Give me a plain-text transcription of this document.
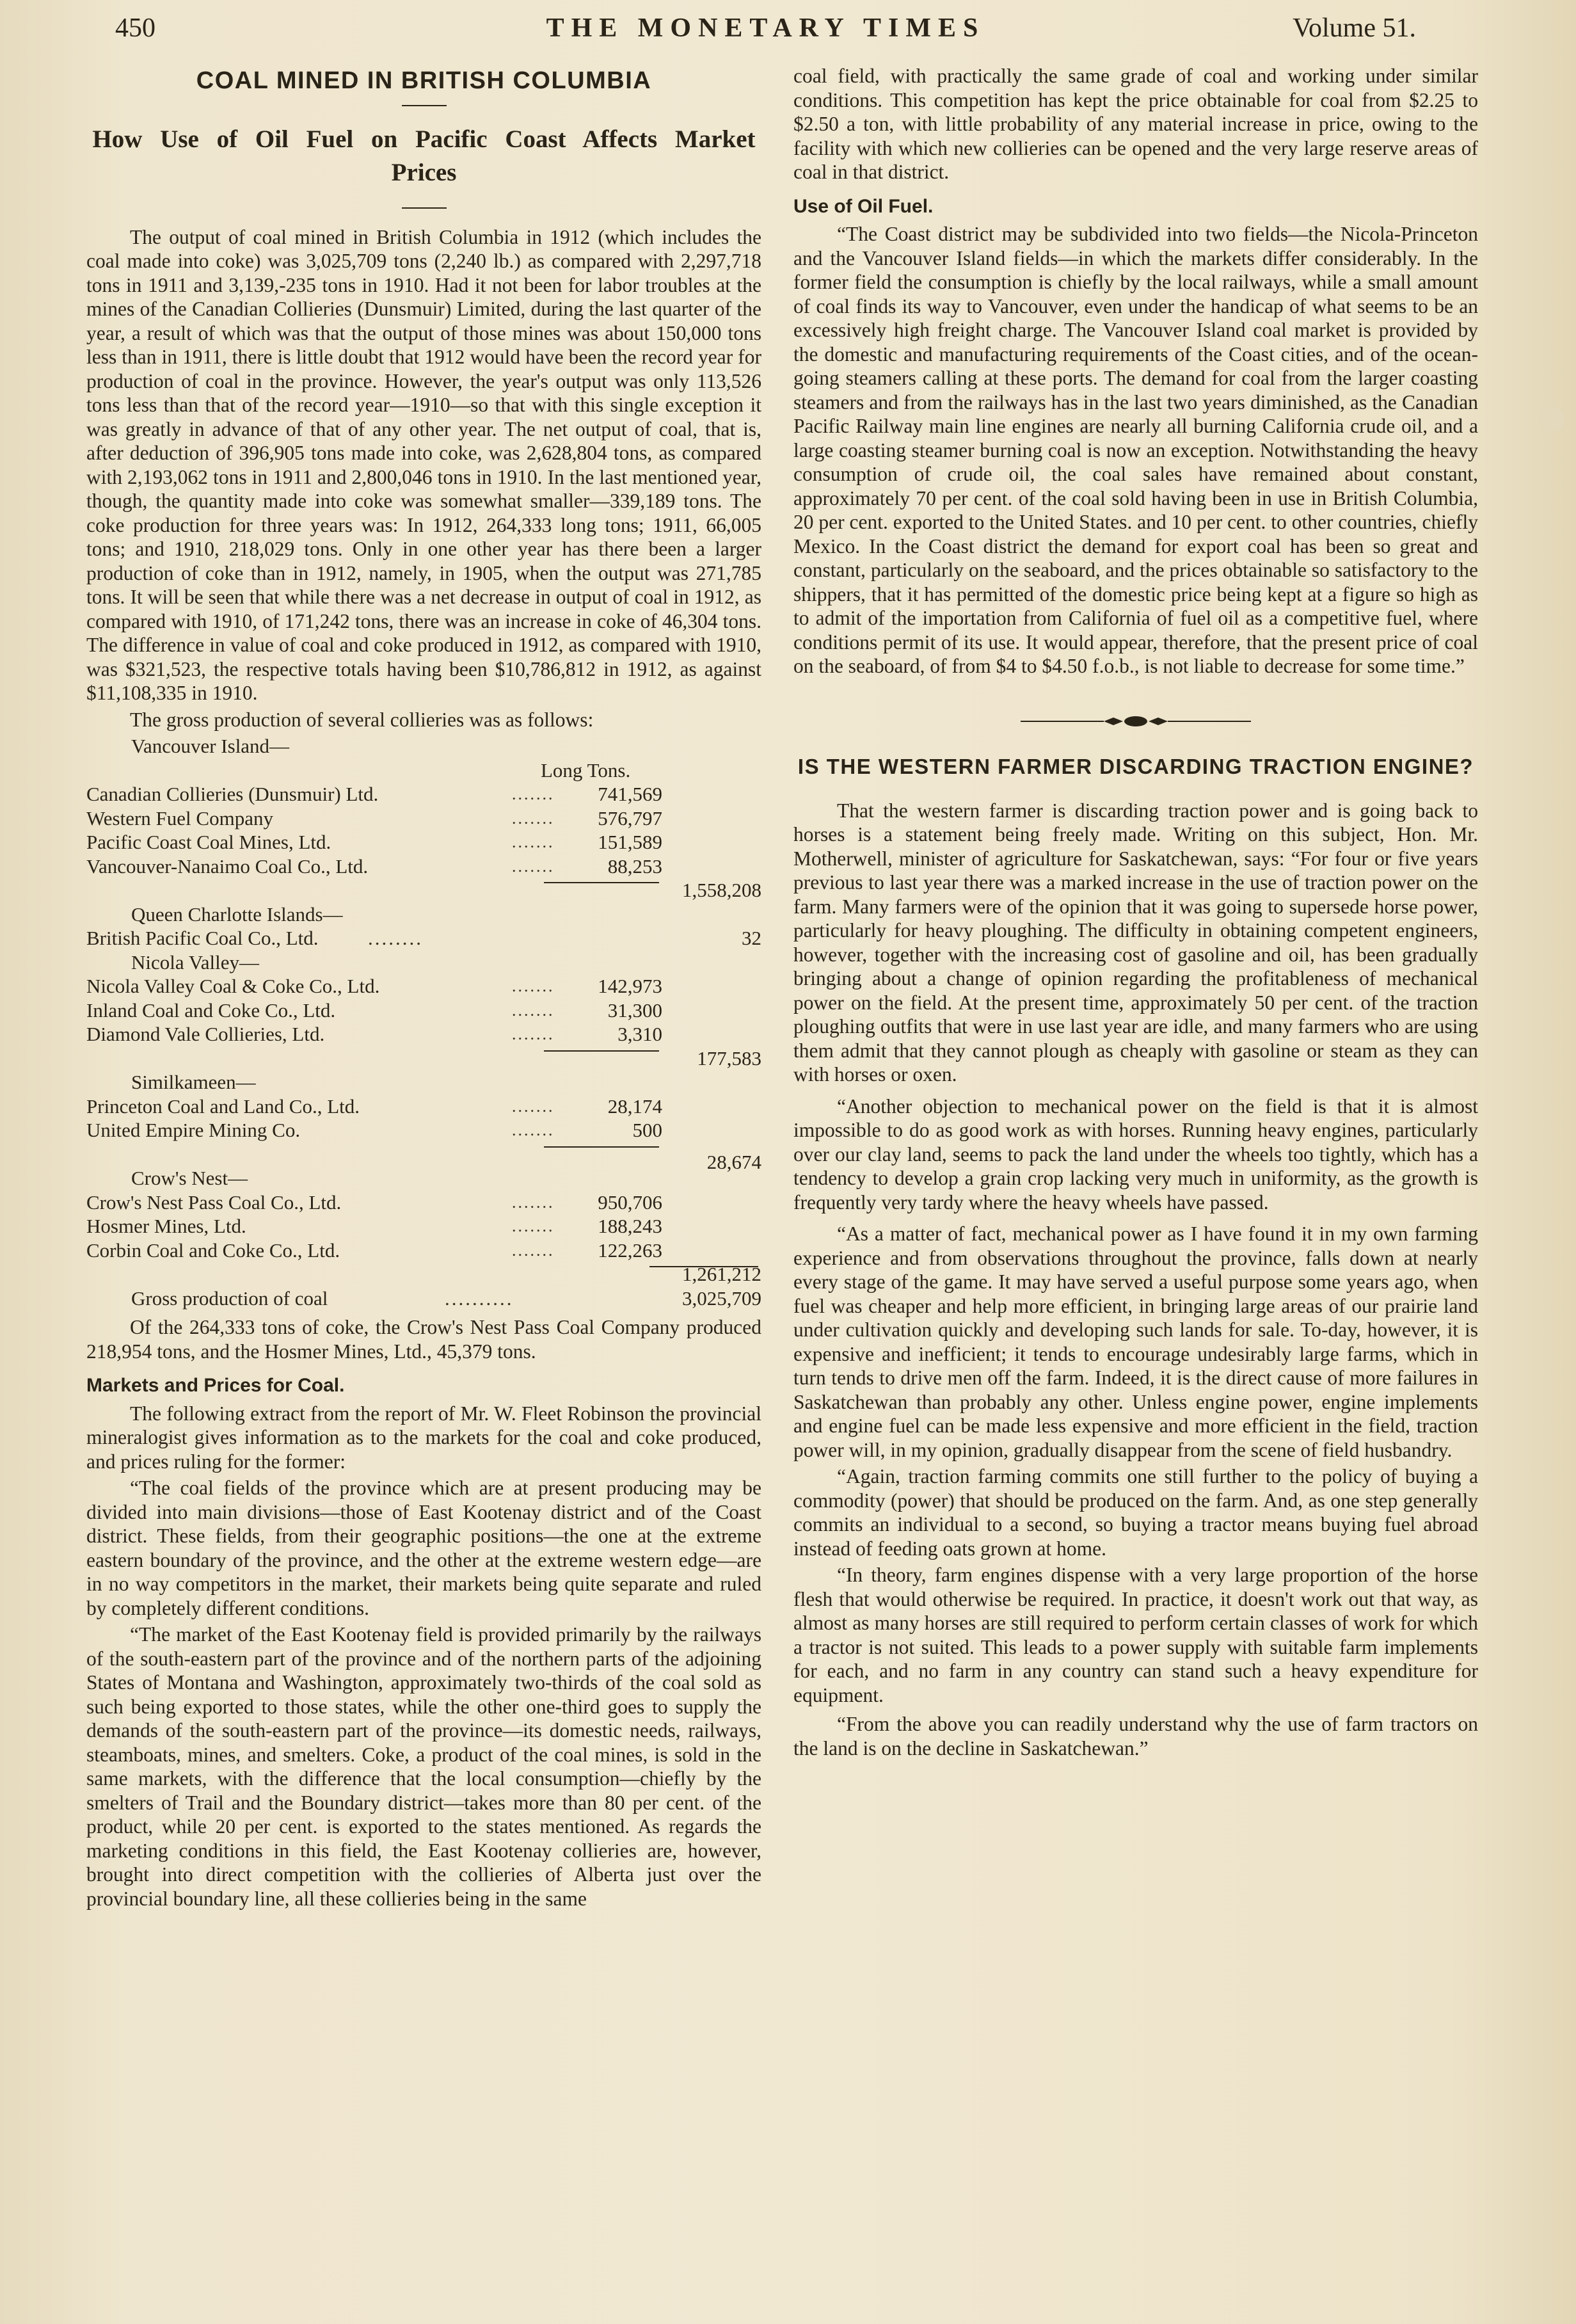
450	THE MONETARY TIMES	Volume 51.
COAL MINED IN BRITISH COLUMBIA
How Use of Oil Fuel on Pacific Coast Affects Market Prices

The output of coal mined in British Columbia in 1912 (which includes the coal made into coke) was 3,025,709 tons (2,240 lb.) as compared with 2,297,718 tons in 1911 and 3,139,-235 tons in 1910. Had it not been for labor troubles at the mines of the Canadian Collieries (Dunsmuir) Limited, during the last quarter of the year, a result of which was that the output of those mines was about 150,000 tons less than in 1911, there is little doubt that 1912 would have been the record year for production of coal in the province. However, the year's output was only 113,526 tons less than that of the record year—1910—so that with this single exception it was greatly in advance of that of any other year. The net output of coal, that is, after deduction of 396,905 tons made into coke, was 2,628,804 tons, as compared with 2,193,062 tons in 1911 and 2,800,046 tons in 1910. In the last mentioned year, though, the quantity made into coke was somewhat smaller—339,189 tons. The coke production for three years was: In 1912, 264,333 long tons; 1911, 66,005 tons; and 1910, 218,029 tons. Only in one other year has there been a larger production of coke than in 1912, namely, in 1905, when the output was 271,785 tons. It will be seen that while there was a net decrease in output of coal in 1912, as compared with 1910, of 171,242 tons, there was an increase in coke of 46,304 tons. The difference in value of coal and coke produced in 1912, as compared with 1910, was $321,523, the respective totals having been $10,786,812 in 1912, as against $11,108,335 in 1910.

The gross production of several collieries was as follows:

Vancouver Island—
Long Tons.
Canadian Collieries (Dunsmuir) Ltd.	....... 741,569
Western Fuel Company	....... 576,797
Pacific Coast Coal Mines, Ltd.	....... 151,589
Vancouver-Nanaimo Coal Co., Ltd.	.......	88,253
1,558,208
Queen Charlotte Islands—
British Pacific Coal Co., Ltd.	........	32
Nicola Valley—
Nicola Valley Coal & Coke Co., Ltd.	....... 142,973
Inland Coal and Coke Co., Ltd.	.......	31,300
Diamond Vale Collieries, Ltd.	.......	3,310
177,583
Similkameen—
Princeton Coal and Land Co., Ltd.	.......	28,174
United Empire Mining Co.	.......	500
28,674
Crow's Nest—
Crow's Nest Pass Coal Co., Ltd.	....... 950,706
Hosmer Mines, Ltd.	....... 188,243
Corbin Coal and Coke Co., Ltd.	....... 122,263
1,261,212
Gross production of coal	..........	3,025,709

Of the 264,333 tons of coke, the Crow's Nest Pass Coal Company produced 218,954 tons, and the Hosmer Mines, Ltd., 45,379 tons.

Markets and Prices for Coal.

The following extract from the report of Mr. W. Fleet Robinson the provincial mineralogist gives information as to the markets for the coal and coke produced, and prices ruling for the former:

“The coal fields of the province which are at present producing may be divided into main divisions—those of East Kootenay district and of the Coast district. These fields, from their geographic positions—the one at the extreme eastern boundary of the province, and the other at the extreme western edge—are in no way competitors in the market, their markets being quite separate and ruled by completely different conditions.

“The market of the East Kootenay field is provided primarily by the railways of the south-eastern part of the province and of the northern parts of the adjoining States of Montana and Washington, approximately two-thirds of the coal sold as such being exported to those states, while the other one-third goes to supply the demands of the south-eastern part of the province—its domestic needs, railways, steamboats, mines, and smelters. Coke, a product of the coal mines, is sold in the same markets, with the difference that the local consumption—chiefly by the smelters of Trail and the Boundary district—takes more than 80 per cent. of the product, while 20 per cent. is exported to the states mentioned. As regards the marketing conditions in this field, the East Kootenay collieries are, however, brought into direct competition with the collieries of Alberta just over the provincial boundary line, all these collieries being in the same

coal field, with practically the same grade of coal and working under similar conditions. This competition has kept the price obtainable for coal from $2.25 to $2.50 a ton, with little probability of any material increase in price, owing to the facility with which new collieries can be opened and the very large reserve areas of coal in that district.

Use of Oil Fuel.

“The Coast district may be subdivided into two fields—the Nicola-Princeton and the Vancouver Island fields—in which the markets differ considerably. In the former field the consumption is chiefly by the local railways, while a small amount of coal finds its way to Vancouver, even under the handicap of what seems to be an excessively high freight charge. The Vancouver Island coal market is provided by the domestic and manufacturing requirements of the Coast cities, and of the ocean-going steamers calling at these ports. The demand for coal from the larger coasting steamers and from the railways has in the last two years diminished, as the Canadian Pacific Railway main line engines are nearly all burning California crude oil, and a large coasting steamer burning coal is now an exception. Notwithstanding the heavy consumption of crude oil, the coal sales have remained about constant, approximately 70 per cent. of the coal sold having been in use in British Columbia, 20 per cent. exported to the United States. and 10 per cent. to other countries, chiefly Mexico. In the Coast district the demand for export coal has been so great and constant, particularly on the seaboard, and the prices obtainable so satisfactory to the shippers, that it has permitted of the domestic price being kept at a figure so high as to admit of the importation from California of fuel oil as a competitive fuel, where conditions permit of its use. It would appear, therefore, that the present price of coal on the seaboard, of from $4 to $4.50 f.o.b., is not liable to decrease for some time.”

IS THE WESTERN FARMER DISCARDING TRACTION ENGINE?

That the western farmer is discarding traction power and is going back to horses is a statement being freely made. Writing on this subject, Hon. Mr. Motherwell, minister of agriculture for Saskatchewan, says: “For four or five years previous to last year there was a marked increase in the use of traction power on the farm. Many farmers were of the opinion that it was going to supersede horse power, particularly for heavy ploughing. The difficulty in obtaining competent engineers, however, together with the increasing cost of gasoline and oil, has been gradually bringing about a change of opinion regarding the profitableness of mechanical power on the field. At the present time, approximately 50 per cent. of the traction ploughing outfits that were in use last year are idle, and many farmers who are using them admit that they cannot plough as cheaply with gasoline or steam as they can with horses or oxen.

“Another objection to mechanical power on the field is that it is almost impossible to do as good work as with horses. Running heavy engines, particularly over our clay land, seems to pack the land under the wheels too tightly, which has a tendency to develop a grain crop lacking very much in uniformity, as the growth is frequently very tardy where the heavy wheels have passed.

“As a matter of fact, mechanical power as I have found it in my own farming experience and from observations throughout the province, falls down at nearly every stage of the game. It may have served a useful purpose some years ago, when fuel was cheaper and help more efficient, in bringing large areas of our prairie land under cultivation quickly and developing such lands for sale. To-day, however, it is expensive and inefficient; it tends to encourage undesirably large farms, which in turn tends to drive men off the farm. Indeed, it is the direct cause of more failures in Saskatchewan than probably any other. Unless engine power, engine implements and engine fuel can be made less expensive and more efficient in the field, traction power will, in my opinion, gradually disappear from the scene of field husbandry.

“Again, traction farming commits one still further to the policy of buying a commodity (power) that should be produced on the farm. And, as one step generally commits an individual to a second, so buying a tractor means buying fuel abroad instead of feeding oats grown at home.

“In theory, farm engines dispense with a very large proportion of the horse flesh that would otherwise be required. In practice, it doesn't work out that way, as almost as many horses are still required to perform certain classes of work for which a tractor is not suited. This leads to a power supply with suitable farm implements for each, and no farm in any country can stand such a heavy expenditure for equipment.

“From the above you can readily understand why the use of farm tractors on the land is on the decline in Saskatchewan.”
